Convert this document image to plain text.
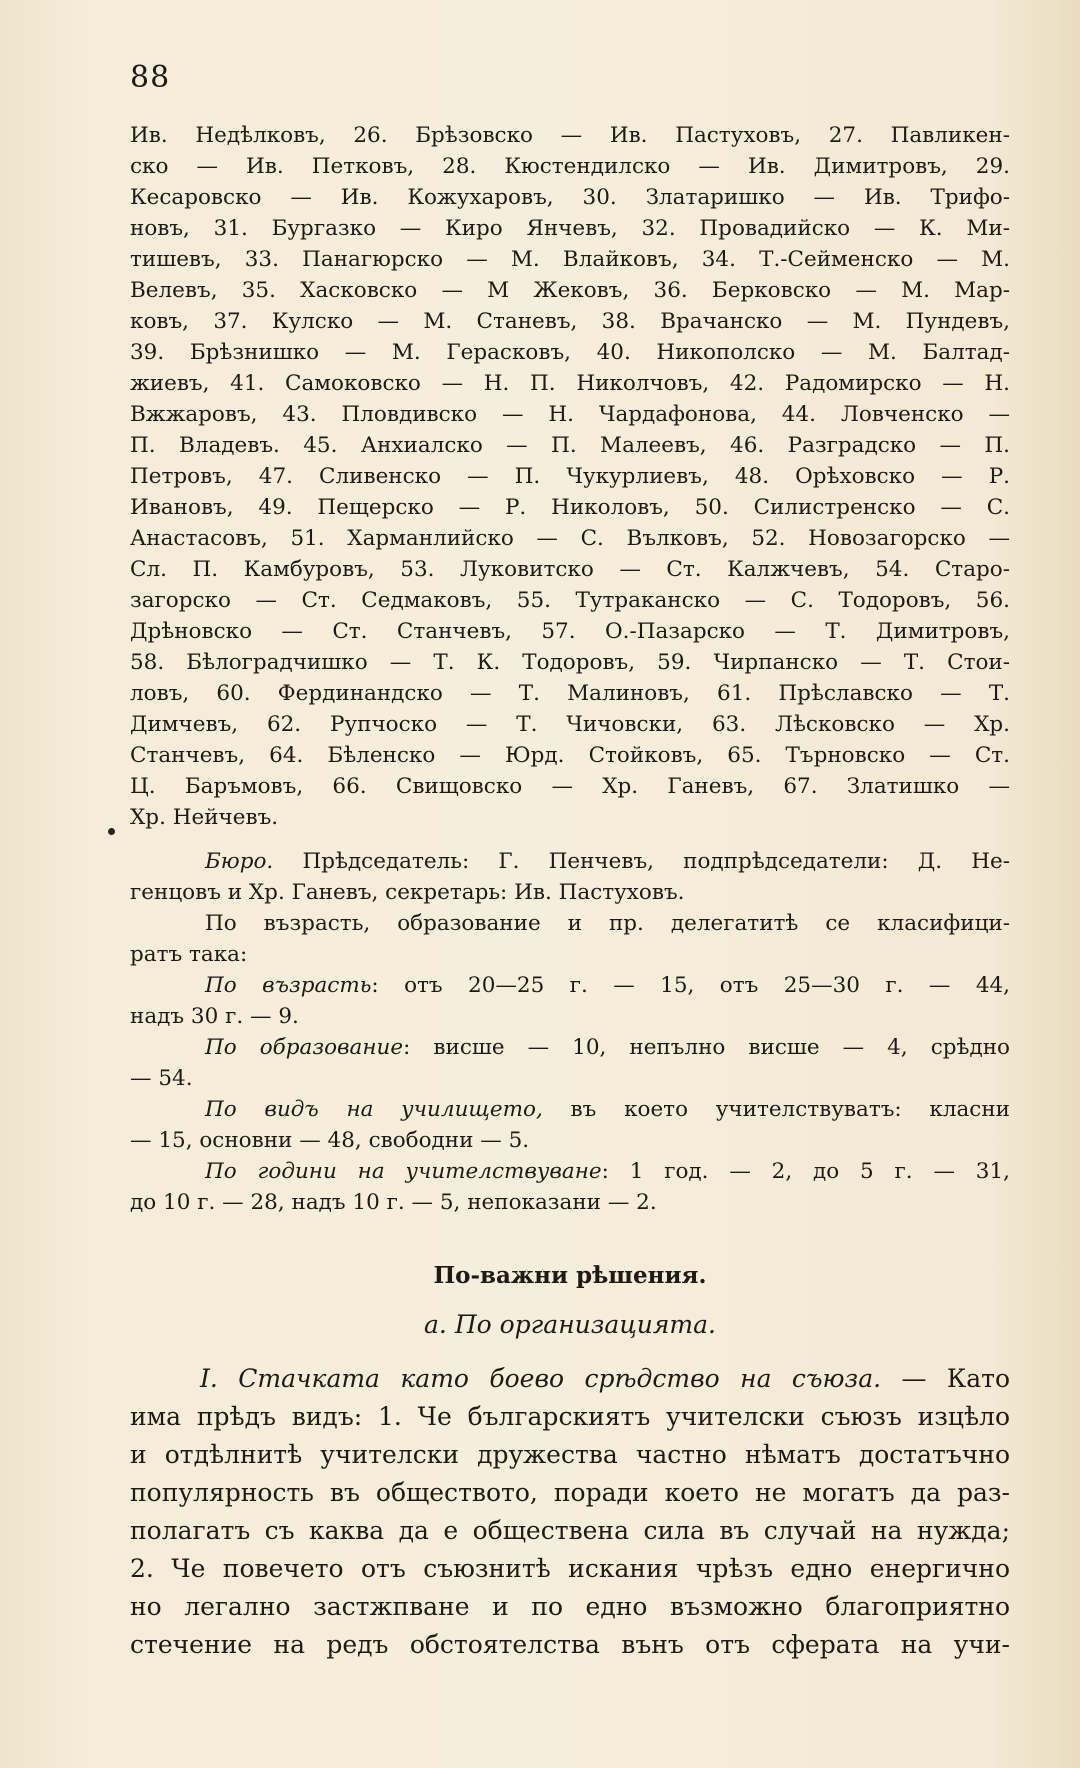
88
Ив. Недѣлковъ, 26. Брѣзовско — Ив. Пастуховъ, 27. Павликен-
ско — Ив. Петковъ, 28. Кюстендилско — Ив. Димитровъ, 29.
Кесаровско — Ив. Кожухаровъ, 30. Златаришко — Ив. Трифо-
новъ, 31. Бургазко — Киро Янчевъ, 32. Провадийско — К. Ми-
тишевъ, 33. Панагюрско — М. Влайковъ, 34. Т.-Сейменско — М.
Велевъ, 35. Хасковско — М Жековъ, 36. Берковско — М. Мар-
ковъ, 37. Кулско — М. Станевъ, 38. Врачанско — М. Пундевъ,
39. Брѣзнишко — М. Герасковъ, 40. Никополско — М. Балтад-
жиевъ, 41. Самоковско — Н. П. Николчовъ, 42. Радомирско — Н.
Вжжаровъ, 43. Пловдивско — Н. Чардафонова, 44. Ловченско —
П. Владевъ. 45. Анхиалско — П. Малеевъ, 46. Разградско — П.
Петровъ, 47. Сливенско — П. Чукурлиевъ, 48. Орѣховско — Р.
Ивановъ, 49. Пещерско — Р. Николовъ, 50. Силистренско — С.
Анастасовъ, 51. Харманлийско — С. Вълковъ, 52. Новозагорско —
Сл. П. Камбуровъ, 53. Луковитско — Ст. Калжчевъ, 54. Старо-
загорско — Ст. Седмаковъ, 55. Тутраканско — С. Тодоровъ, 56.
Дрѣновско — Ст. Станчевъ, 57. О.-Пазарско — Т. Димитровъ,
58. Бѣлоградчишко — Т. К. Тодоровъ, 59. Чирпанско — Т. Стои-
ловъ, 60. Фердинандско — Т. Малиновъ, 61. Прѣславско — Т.
Димчевъ, 62. Рупчоско — Т. Чичовски, 63. Лѣсковско — Хр.
Станчевъ, 64. Бѣленско — Юрд. Стойковъ, 65. Търновско — Ст.
Ц. Баръмовъ, 66. Свищовско — Хр. Ганевъ, 67. Златишко —
Хр. Нейчевъ.
Бюро. Прѣдседатель: Г. Пенчевъ, подпрѣдседатели: Д. Не-
генцовъ и Хр. Ганевъ, секретарь: Ив. Пастуховъ.
По възрасть, образование и пр. делегатитѣ се класифици-
ратъ така:
По възрасть: отъ 20—25 г. — 15, отъ 25—30 г. — 44,
надъ 30 г. — 9.
По образование: висше — 10, непълно висше — 4, срѣдно
— 54.
По видъ на училището, въ което учителствуватъ: класни
— 15, основни — 48, свободни — 5.
По години на учителствуване: 1 год. — 2, до 5 г. — 31,
до 10 г. — 28, надъ 10 г. — 5, непоказани — 2.
По-важни рѣшения.
а. По организацията.
I. Стачката като боево срѣдство на съюза. — Като
има прѣдъ видъ: 1. Че българскиятъ учителски съюзъ изцѣло
и отдѣлнитѣ учителски дружества частно нѣматъ достатъчно
популярность въ обществото, поради което не могатъ да раз-
полагатъ съ каква да е обществена сила въ случай на нужда;
2. Че повечето отъ съюзнитѣ искания чрѣзъ едно енергично
но легално застжпване и по едно възможно благоприятно
стечение на редъ обстоятелства вънъ отъ сферата на учи-
